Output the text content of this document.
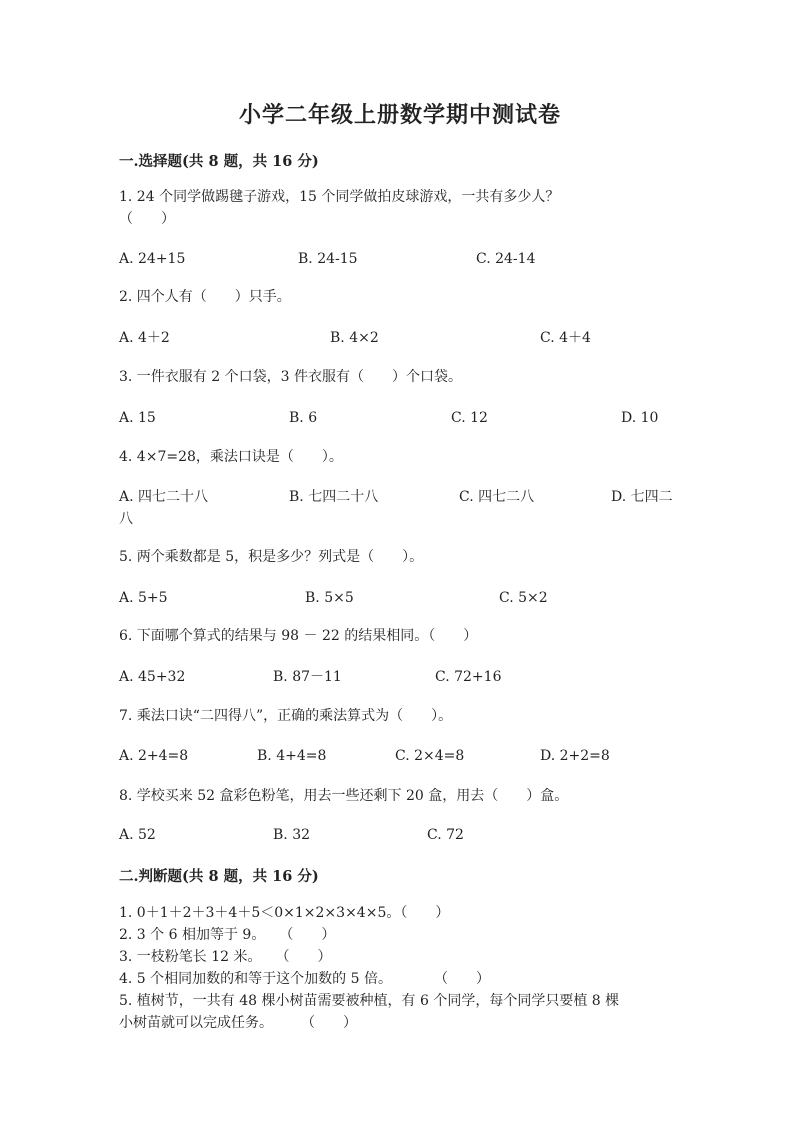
小学二年级上册数学期中测试卷
一.选择题(共 8 题，共 16 分)
1. 24 个同学做踢毽子游戏，15 个同学做拍皮球游戏，一共有多少人？
（　　）
A. 24+15	B. 24-15	C. 24-14
2. 四个人有（　　）只手。
A. 4＋2	B. 4×2	C. 4＋4
3. 一件衣服有 2 个口袋，3 件衣服有（　　）个口袋。
A. 15	B. 6	C. 12	D. 10
4. 4×7=28，乘法口诀是（　　）。
A. 四七二十八	B. 七四二十八	C. 四七二八	D. 七四二
八
5. 两个乘数都是 5，积是多少？列式是（　　）。
A. 5+5	B. 5×5	C. 5×2
6. 下面哪个算式的结果与 98 － 22 的结果相同。（　　）
A. 45+32	B. 87－11	C. 72+16
7. 乘法口诀“二四得八”，正确的乘法算式为（　　）。
A. 2+4=8	B. 4+4=8	C. 2×4=8	D. 2+2=8
8. 学校买来 52 盒彩色粉笔，用去一些还剩下 20 盒，用去（　　）盒。
A. 52	B. 32	C. 72
二.判断题(共 8 题，共 16 分)
1. 0＋1＋2＋3＋4＋5＜0×1×2×3×4×5。（　　）
2. 3 个 6 相加等于 9。　　（　　）
3. 一枝粉笔长 12 米。　　（　　）
4. 5 个相同加数的和等于这个加数的 5 倍。　　　　（　　）
5. 植树节，一共有 48 棵小树苗需要被种植，有 6 个同学，每个同学只要植 8 棵
小树苗就可以完成任务。　　　（　　）
